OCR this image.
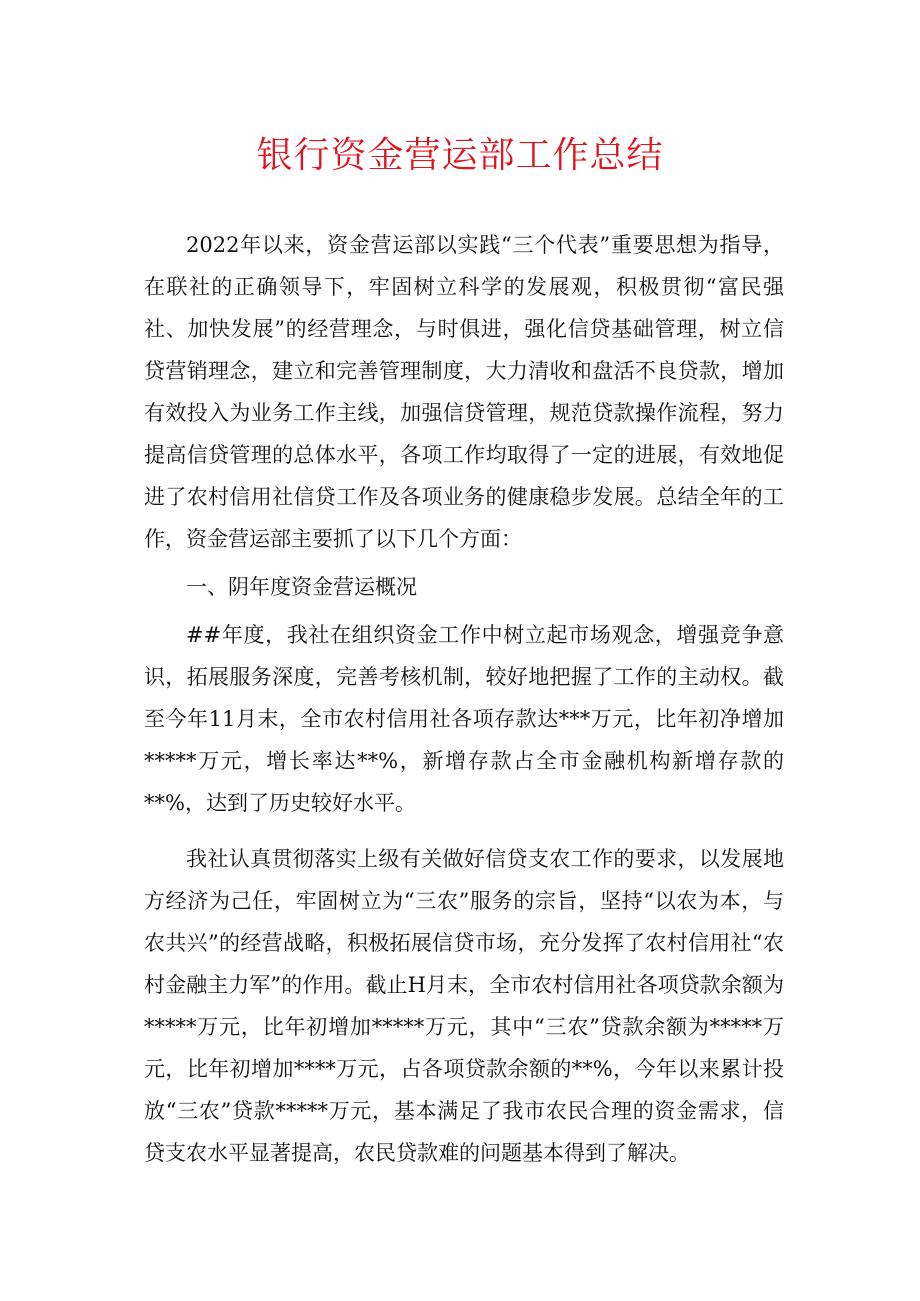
银行资金营运部工作总结

2022年以来，资金营运部以实践“三个代表”重要思想为指导，在联社的正确领导下，牢固树立科学的发展观，积极贯彻“富民强社、加快发展”的经营理念，与时俱进，强化信贷基础管理，树立信贷营销理念，建立和完善管理制度，大力清收和盘活不良贷款，增加有效投入为业务工作主线，加强信贷管理，规范贷款操作流程，努力提高信贷管理的总体水平，各项工作均取得了一定的进展，有效地促进了农村信用社信贷工作及各项业务的健康稳步发展。总结全年的工作，资金营运部主要抓了以下几个方面：

一、阴年度资金营运概况

##年度，我社在组织资金工作中树立起市场观念，增强竞争意识，拓展服务深度，完善考核机制，较好地把握了工作的主动权。截至今年11月末，全市农村信用社各项存款达***万元，比年初净增加*****万元，增长率达**%，新增存款占全市金融机构新增存款的**%，达到了历史较好水平。

我社认真贯彻落实上级有关做好信贷支农工作的要求，以发展地方经济为己任，牢固树立为“三农”服务的宗旨，坚持“以农为本，与农共兴”的经营战略，积极拓展信贷市场，充分发挥了农村信用社“农村金融主力军”的作用。截止H月末，全市农村信用社各项贷款余额为*****万元，比年初增加*****万元，其中“三农”贷款余额为*****万元，比年初增加****万元，占各项贷款余额的**%，今年以来累计投放“三农”贷款*****万元，基本满足了我市农民合理的资金需求，信贷支农水平显著提高，农民贷款难的问题基本得到了解决。
